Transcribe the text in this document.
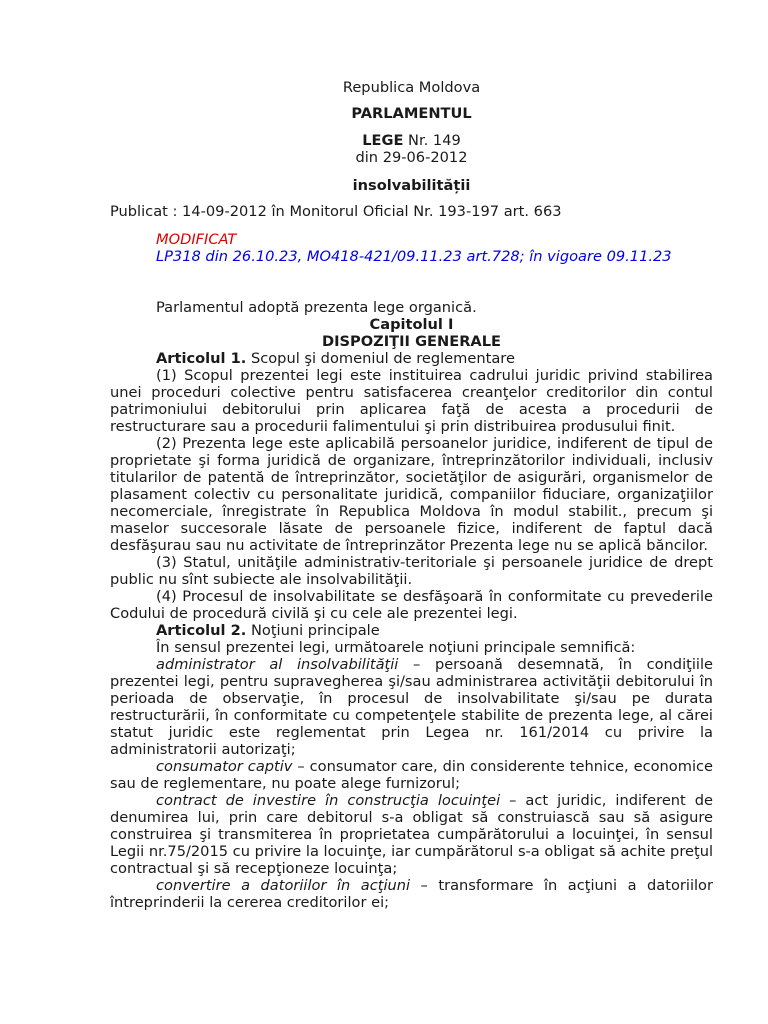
Republica Moldova
PARLAMENTUL
LEGE Nr. 149
din 29-06-2012
insolvabilității
Publicat : 14-09-2012 în Monitorul Oficial Nr. 193-197 art. 663

MODIFICAT

LP318 din 26.10.23, MO418-421/09.11.23 art.728; în vigoare 09.11.23

Parlamentul adoptă prezenta lege organică.

Capitolul I

DISPOZIŢII GENERALE

Articolul 1. Scopul şi domeniul de reglementare

(1) Scopul prezentei legi este instituirea cadrului juridic privind stabilirea unei proceduri colective pentru satisfacerea creanţelor creditorilor din contul patrimoniului debitorului prin aplicarea faţă de acesta a procedurii de restructurare sau a procedurii falimentului şi prin distribuirea produsului finit.

(2) Prezenta lege este aplicabilă persoanelor juridice, indiferent de tipul de proprietate şi forma juridică de organizare, întreprinzătorilor individuali, inclusiv titularilor de patentă de întreprinzător, societăţilor de asigurări, organismelor de plasament colectiv cu personalitate juridică, companiilor fiduciare, organizaţiilor necomerciale, înregistrate în Republica Moldova în modul stabilit., precum şi maselor succesorale lăsate de persoanele fizice, indiferent de faptul dacă desfăşurau sau nu activitate de întreprinzător Prezenta lege nu se aplică băncilor.

(3) Statul, unităţile administrativ-teritoriale şi persoanele juridice de drept public nu sînt subiecte ale insolvabilităţii.

(4) Procesul de insolvabilitate se desfăşoară în conformitate cu prevederile Codului de procedură civilă şi cu cele ale prezentei legi.

Articolul 2. Noţiuni principale

În sensul prezentei legi, următoarele noţiuni principale semnifică:

administrator al insolvabilităţii – persoană desemnată, în condiţiile prezentei legi, pentru supravegherea şi/sau administrarea activităţii debitorului în perioada de observaţie, în procesul de insolvabilitate şi/sau pe durata restructurării, în conformitate cu competenţele stabilite de prezenta lege, al cărei statut juridic este reglementat prin Legea nr. 161/2014 cu privire la administratorii autorizaţi;

consumator captiv – consumator care, din considerente tehnice, economice sau de reglementare, nu poate alege furnizorul;

contract de investire în construcţia locuinţei – act juridic, indiferent de denumirea lui, prin care debitorul s-a obligat să construiască sau să asigure construirea şi transmiterea în proprietatea cumpărătorului a locuinţei, în sensul Legii nr.75/2015 cu privire la locuinţe, iar cumpărătorul s-a obligat să achite preţul contractual şi să recepţioneze locuinţa;

convertire a datoriilor în acţiuni – transformare în acţiuni a datoriilor întreprinderii la cererea creditorilor ei;
